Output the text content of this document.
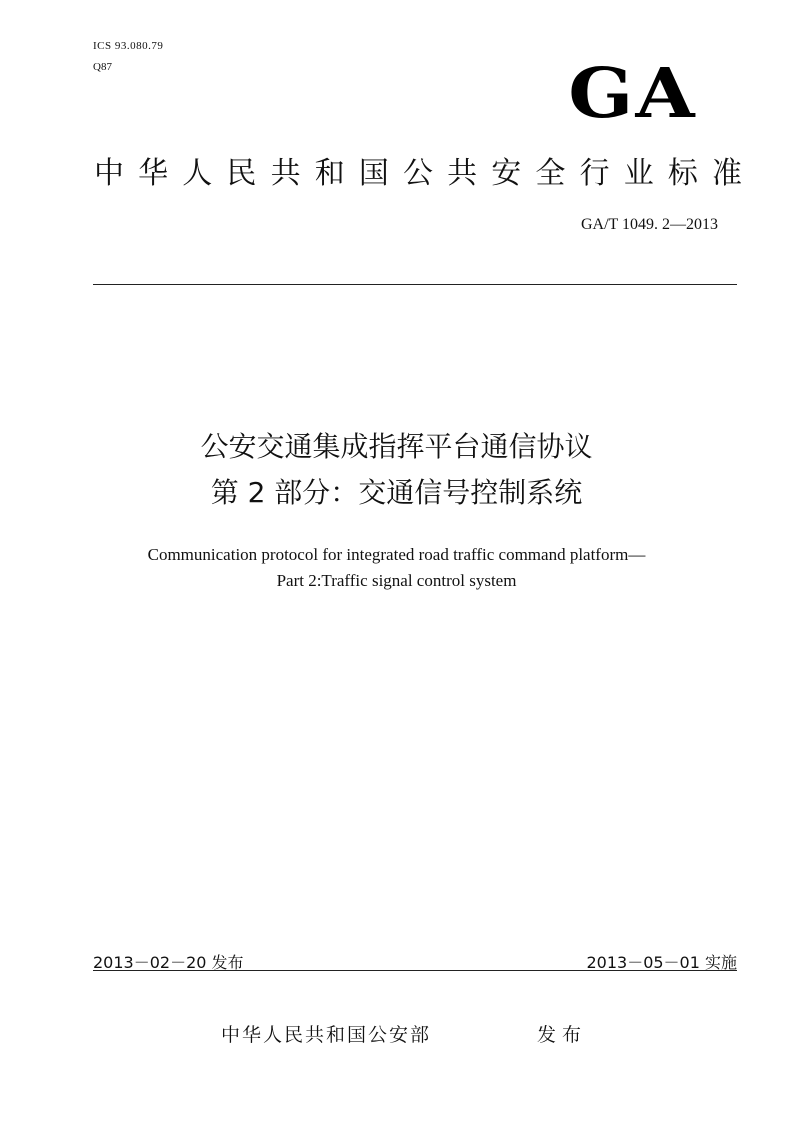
ICS 93.080.79
Q87	GA
中华人民共和国公共安全行业标准
GA/T 1049. 2—2013
公安交通集成指挥平台通信协议
第 2 部分：交通信号控制系统
Communication protocol for integrated road traffic command platform—
Part 2:Traffic signal control system
2013－02－20 发布	2013－05－01 实施
中华人民共和国公安部	发布
